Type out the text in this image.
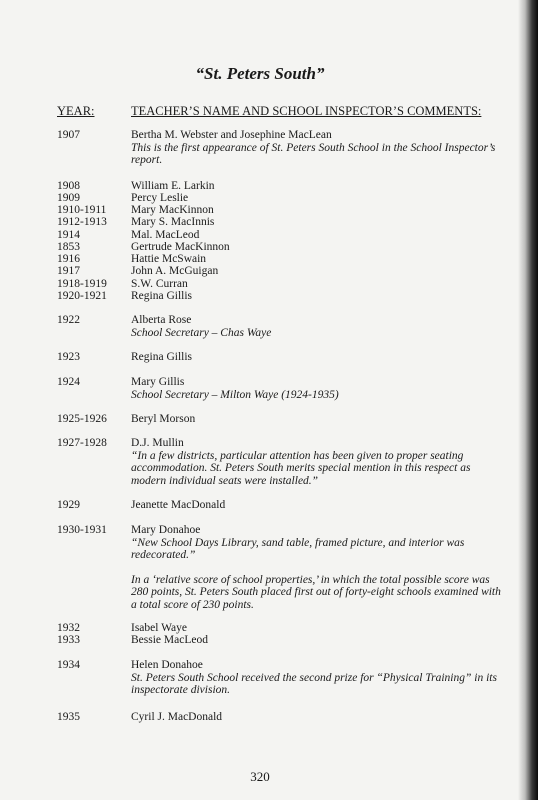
“St. Peters South”
YEAR:	TEACHER’S NAME AND SCHOOL INSPECTOR’S COMMENTS:
1907	Bertha M. Webster and Josephine MacLean
This is the first appearance of St. Peters South School in the School Inspector’s report.
1908	William E. Larkin
1909	Percy Leslie
1910-1911 Mary MacKinnon
1912-1913 Mary S. MacInnis
1914	Mal. MacLeod
1853	Gertrude MacKinnon
1916	Hattie McSwain
1917	John A. McGuigan
1918-1919 S.W. Curran
1920-1921 Regina Gillis
1922	Alberta Rose
School Secretary – Chas Waye
1923	Regina Gillis
1924	Mary Gillis
School Secretary – Milton Waye (1924-1935)
1925-1926 Beryl Morson
1927-1928 D.J. Mullin
“In a few districts, particular attention has been given to proper seating accommodation. St. Peters South merits special mention in this respect as modern individual seats were installed.”
1929	Jeanette MacDonald
1930-1931 Mary Donahoe
“New School Days Library, sand table, framed picture, and interior was redecorated.”
In a ‘relative score of school properties,’ in which the total possible score was 280 points, St. Peters South placed first out of forty-eight schools examined with a total score of 230 points.
1932	Isabel Waye
1933	Bessie MacLeod
1934	Helen Donahoe
St. Peters South School received the second prize for “Physical Training” in its inspectorate division.
1935	Cyril J. MacDonald
320
